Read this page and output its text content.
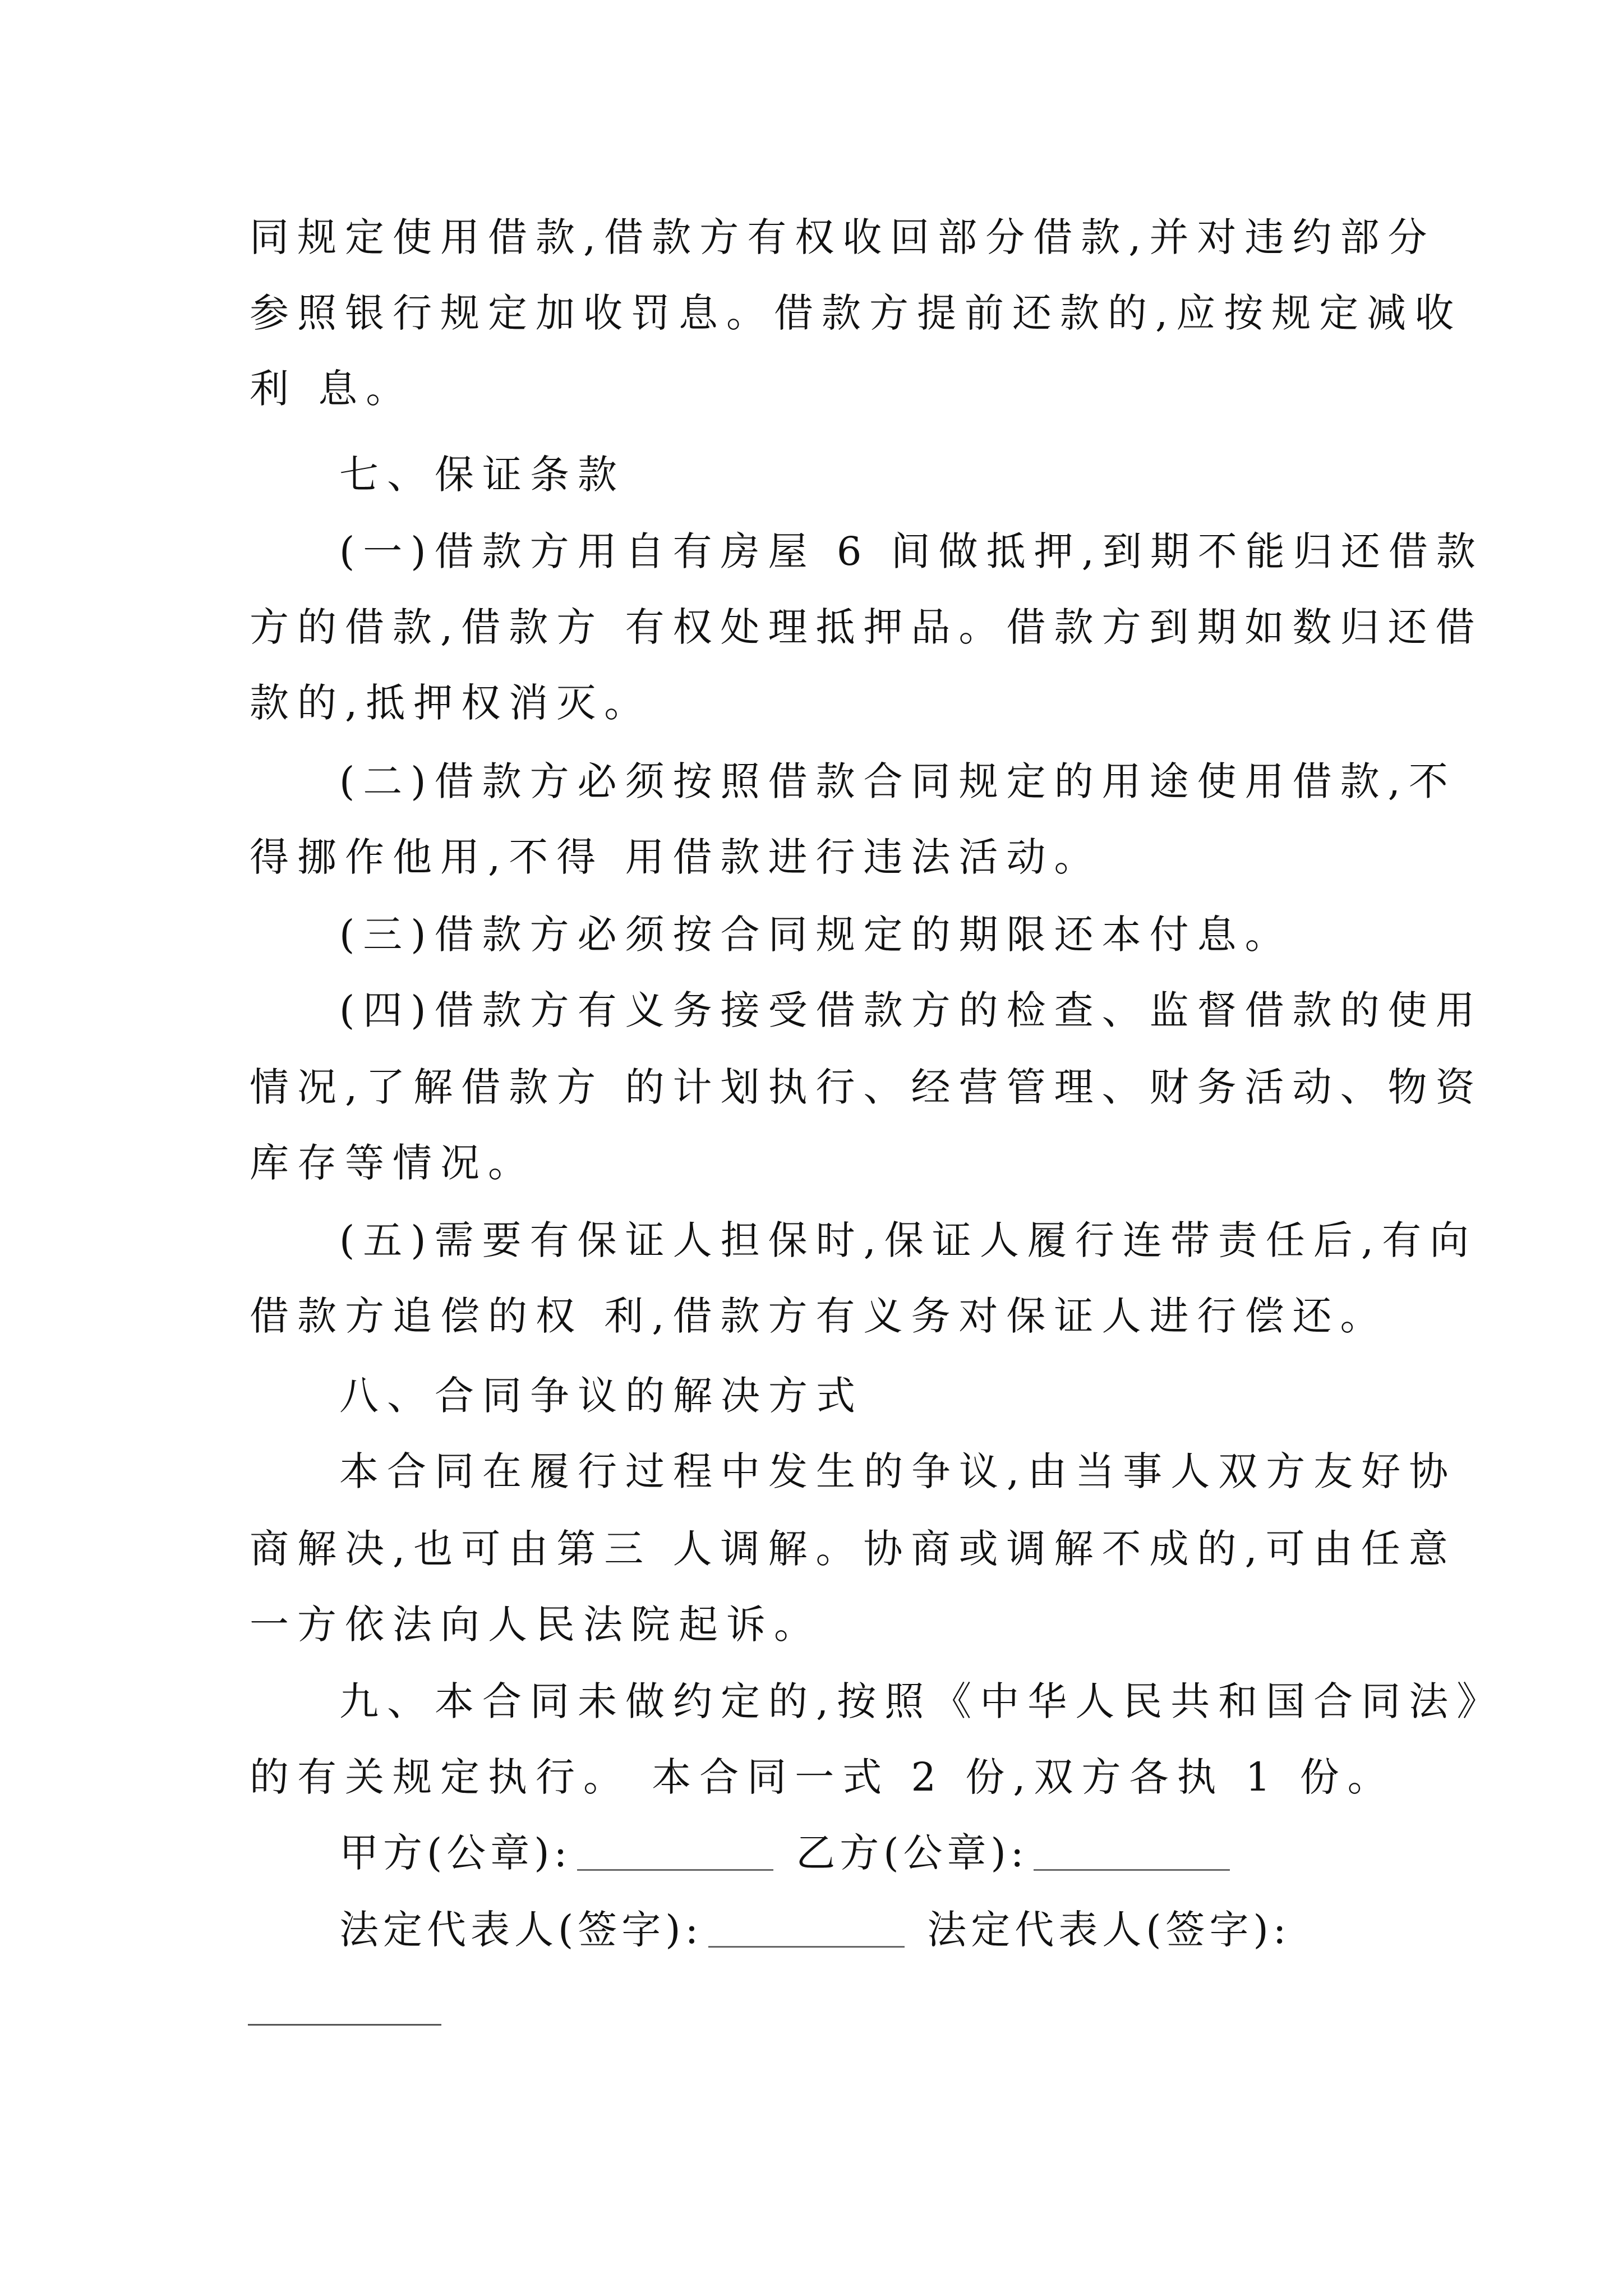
同规定使用借款,借款方有权收回部分借款,并对违约部分
参照银行规定加收罚息。借款方提前还款的,应按规定减收
利 息。
七、保证条款
(一)借款方用自有房屋 6 间做抵押,到期不能归还借款
方的借款,借款方 有权处理抵押品。借款方到期如数归还借
款的,抵押权消灭。
(二)借款方必须按照借款合同规定的用途使用借款,不
得挪作他用,不得 用借款进行违法活动。
(三)借款方必须按合同规定的期限还本付息。
(四)借款方有义务接受借款方的检查、监督借款的使用
情况,了解借款方 的计划执行、经营管理、财务活动、物资
库存等情况。
(五)需要有保证人担保时,保证人履行连带责任后,有向
借款方追偿的权 利,借款方有义务对保证人进行偿还。
八、合同争议的解决方式
本合同在履行过程中发生的争议,由当事人双方友好协
商解决,也可由第三 人调解。协商或调解不成的,可由任意
一方依法向人民法院起诉。
九、本合同未做约定的,按照《中华人民共和国合同法》
的有关规定执行。 本合同一式 2 份,双方各执 1 份。
甲方(公章):	乙方(公章):
法定代表人(签字):	法定代表人(签字):
